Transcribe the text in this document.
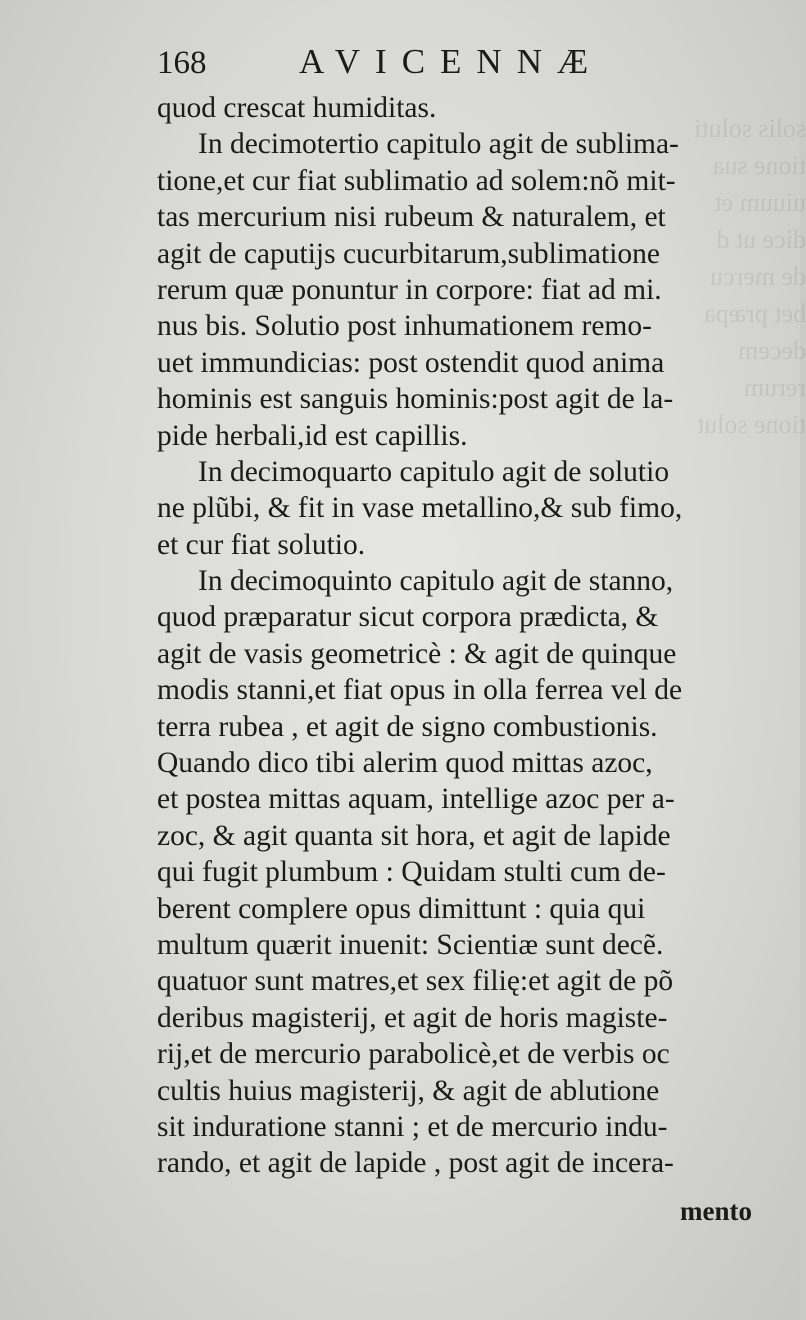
solis soluti
tione sua
uiuum et
dice ut d
de mercu
bet præpa
decem
rerum
tione solut
168	AVICENNÆ
quod crescat humiditas.
In decimotertio capitulo agit de sublima-
tione,et cur fiat sublimatio ad solem:nõ mit-
tas mercurium nisi rubeum & naturalem, et
agit de caputijs cucurbitarum,sublimatione
rerum quæ ponuntur in corpore: fiat ad mi.
nus bis. Solutio post inhumationem remo-
uet immundicias: post ostendit quod anima
hominis est sanguis hominis:post agit de la-
pide herbali,id est capillis.
In decimoquarto capitulo agit de solutio
ne plũbi, & fit in vase metallino,& sub fimo,
et cur fiat solutio.
In decimoquinto capitulo agit de stanno,
quod præparatur sicut corpora prædicta, &
agit de vasis geometricè : & agit de quinque
modis stanni,et fiat opus in olla ferrea vel de
terra rubea , et agit de signo combustionis.
Quando dico tibi alerim quod mittas azoc,
et postea mittas aquam, intellige azoc per a-
zoc, & agit quanta sit hora, et agit de lapide
qui fugit plumbum : Quidam stulti cum de-
berent complere opus dimittunt : quia qui
multum quærit inuenit: Scientiæ sunt decẽ.
quatuor sunt matres,et sex filię:et agit de põ
deribus magisterij, et agit de horis magiste-
rij,et de mercurio parabolicè,et de verbis oc
cultis huius magisterij, & agit de ablutione
sit induratione stanni ; et de mercurio indu-
rando, et agit de lapide , post agit de incera-
mento
